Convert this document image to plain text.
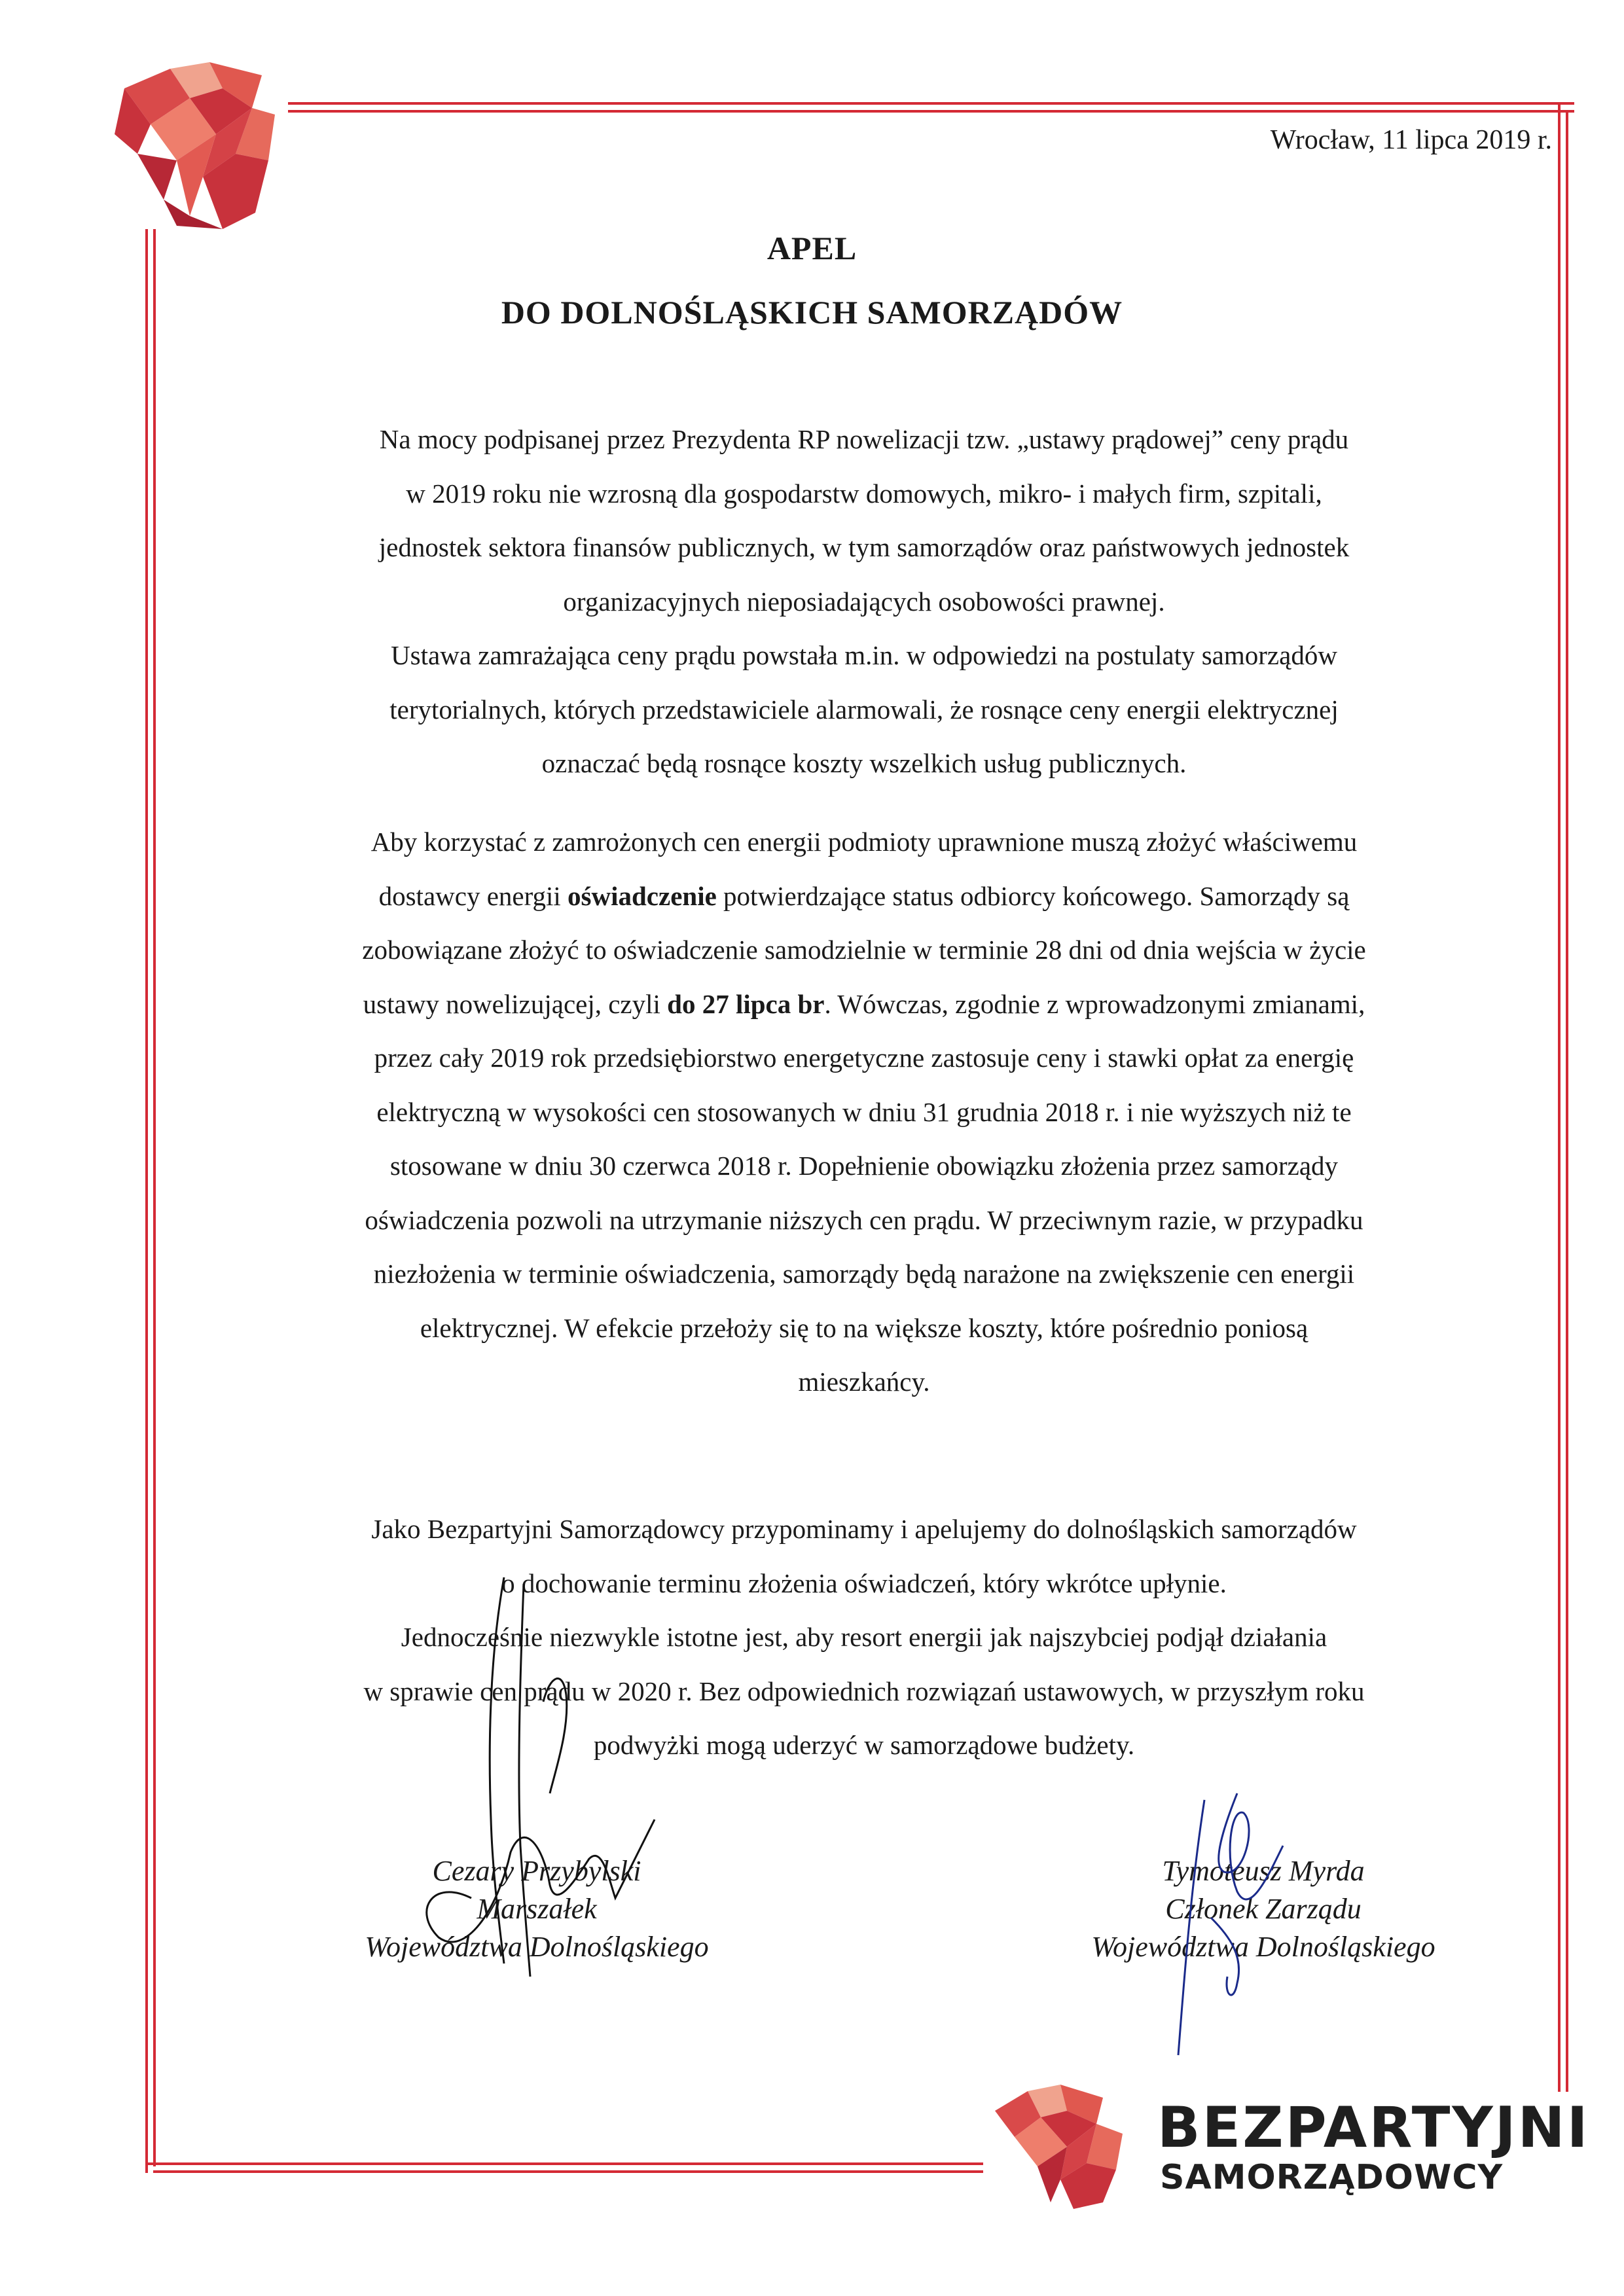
Wrocław, 11 lipca 2019 r.
APEL
DO DOLNOŚLĄSKICH SAMORZĄDÓW

Na mocy podpisanej przez Prezydenta RP nowelizacji tzw. „ustawy prądowej” ceny prądu

w 2019 roku nie wzrosną dla gospodarstw domowych, mikro- i małych firm, szpitali,

jednostek sektora finansów publicznych, w tym samorządów oraz państwowych jednostek

organizacyjnych nieposiadających osobowości prawnej.

Ustawa zamrażająca ceny prądu powstała m.in. w odpowiedzi na postulaty samorządów

terytorialnych, których przedstawiciele alarmowali, że rosnące ceny energii elektrycznej

oznaczać będą rosnące koszty wszelkich usług publicznych.

Aby korzystać z zamrożonych cen energii podmioty uprawnione muszą złożyć właściwemu

dostawcy energii oświadczenie potwierdzające status odbiorcy końcowego. Samorządy są

zobowiązane złożyć to oświadczenie samodzielnie w terminie 28 dni od dnia wejścia w życie

ustawy nowelizującej, czyli do 27 lipca br. Wówczas, zgodnie z wprowadzonymi zmianami,

przez cały 2019 rok przedsiębiorstwo energetyczne zastosuje ceny i stawki opłat za energię

elektryczną w wysokości cen stosowanych w dniu 31 grudnia 2018 r. i nie wyższych niż te

stosowane w dniu 30 czerwca 2018 r. Dopełnienie obowiązku złożenia przez samorządy

oświadczenia pozwoli na utrzymanie niższych cen prądu. W przeciwnym razie, w przypadku

niezłożenia w terminie oświadczenia, samorządy będą narażone na zwiększenie cen energii

elektrycznej. W efekcie przełoży się to na większe koszty, które pośrednio poniosą

mieszkańcy.

Jako Bezpartyjni Samorządowcy przypominamy i apelujemy do dolnośląskich samorządów

o dochowanie terminu złożenia oświadczeń, który wkrótce upłynie.

Jednocześnie niezwykle istotne jest, aby resort energii jak najszybciej podjął działania

w sprawie cen prądu w 2020 r. Bez odpowiednich rozwiązań ustawowych, w przyszłym roku

podwyżki mogą uderzyć w samorządowe budżety.

Cezary Przybylski
Marszałek
Województwa Dolnośląskiego
Tymoteusz Myrda
Członek Zarządu
Województwa Dolnośląskiego
BEZPARTYJNI
SAMORZĄDOWCY
